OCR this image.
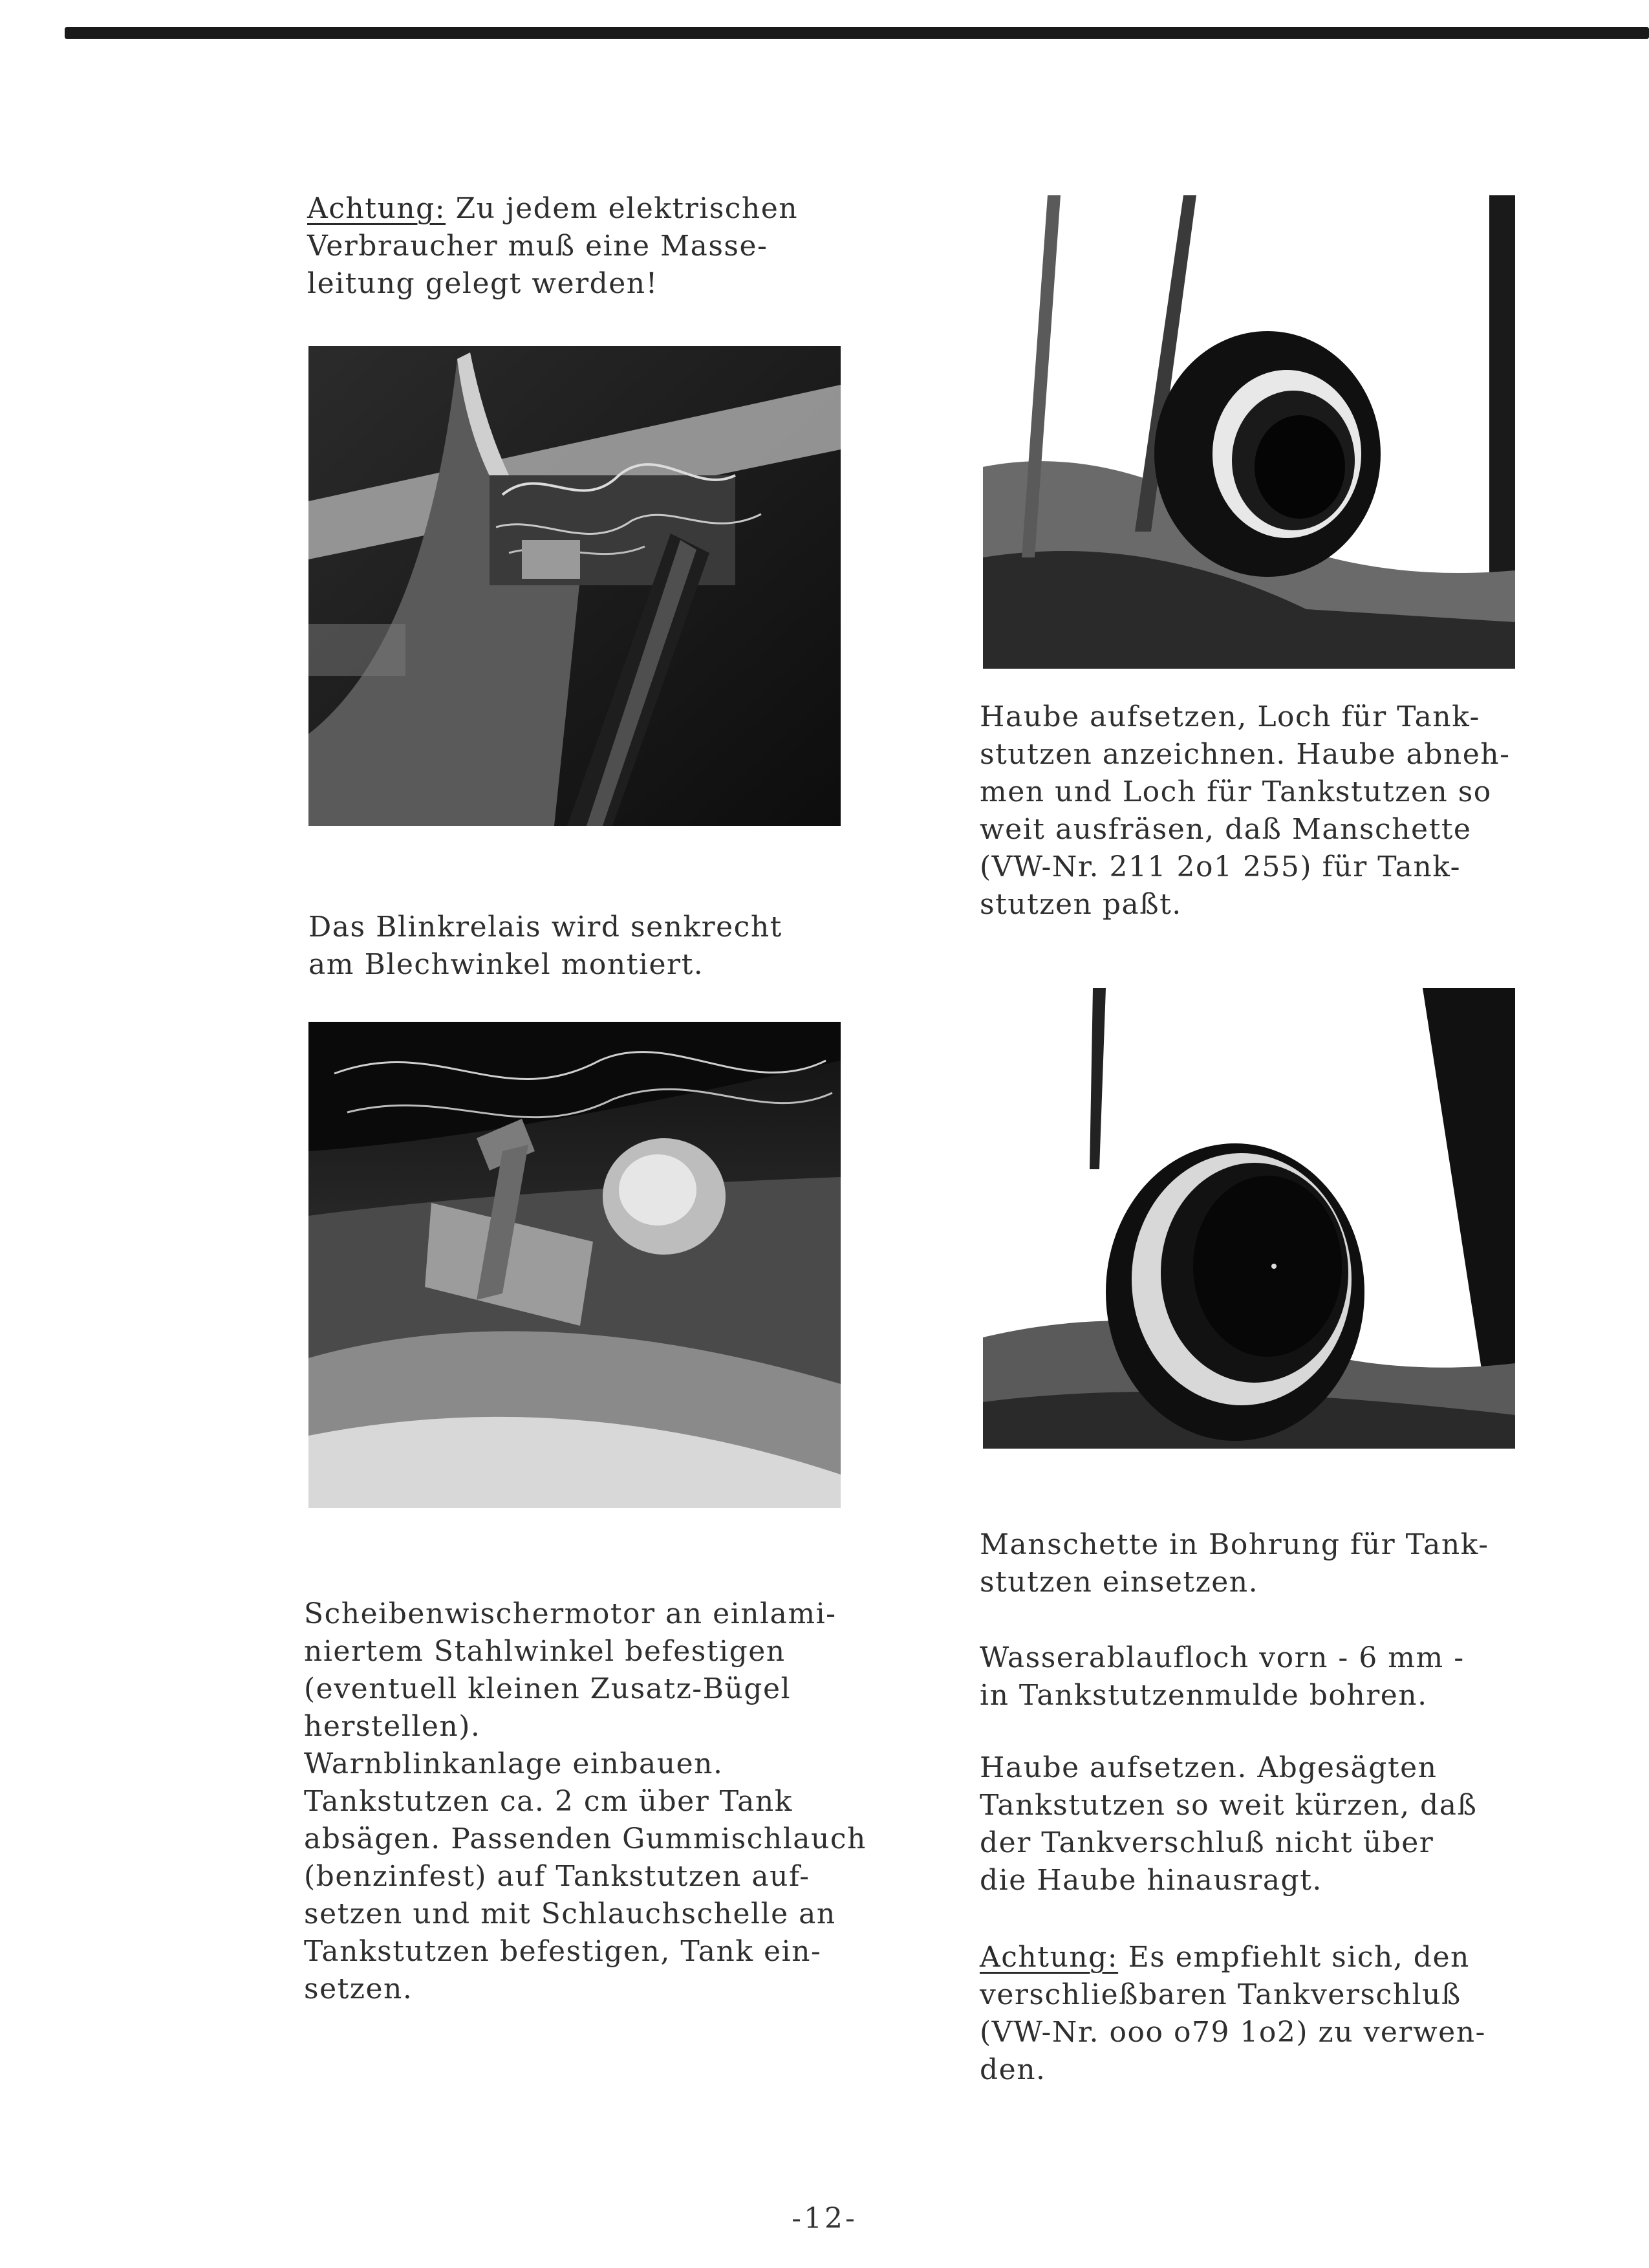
Achtung: Zu jedem elektrischen
Verbraucher muß eine Masse-
leitung gelegt werden!
Das Blinkrelais wird senkrecht
am Blechwinkel montiert.
Scheibenwischermotor an einlami-
niertem Stahlwinkel befestigen
(eventuell kleinen Zusatz-Bügel
herstellen).
Warnblinkanlage einbauen.
Tankstutzen ca. 2 cm über Tank
absägen. Passenden Gummischlauch
(benzinfest) auf Tankstutzen auf-
setzen und mit Schlauchschelle an
Tankstutzen befestigen, Tank ein-
setzen.
Haube aufsetzen, Loch für Tank-
stutzen anzeichnen. Haube abneh-
men und Loch für Tankstutzen so
weit ausfräsen, daß Manschette
(VW-Nr. 211 2o1 255) für Tank-
stutzen paßt.
Manschette in Bohrung für Tank-
stutzen einsetzen.
Wasserablaufloch vorn - 6 mm -
in Tankstutzenmulde bohren.
Haube aufsetzen. Abgesägten
Tankstutzen so weit kürzen, daß
der Tankverschluß nicht über
die Haube hinausragt.
Achtung: Es empfiehlt sich, den
verschließbaren Tankverschluß
(VW-Nr. ooo o79 1o2) zu verwen-
den.
-12-
